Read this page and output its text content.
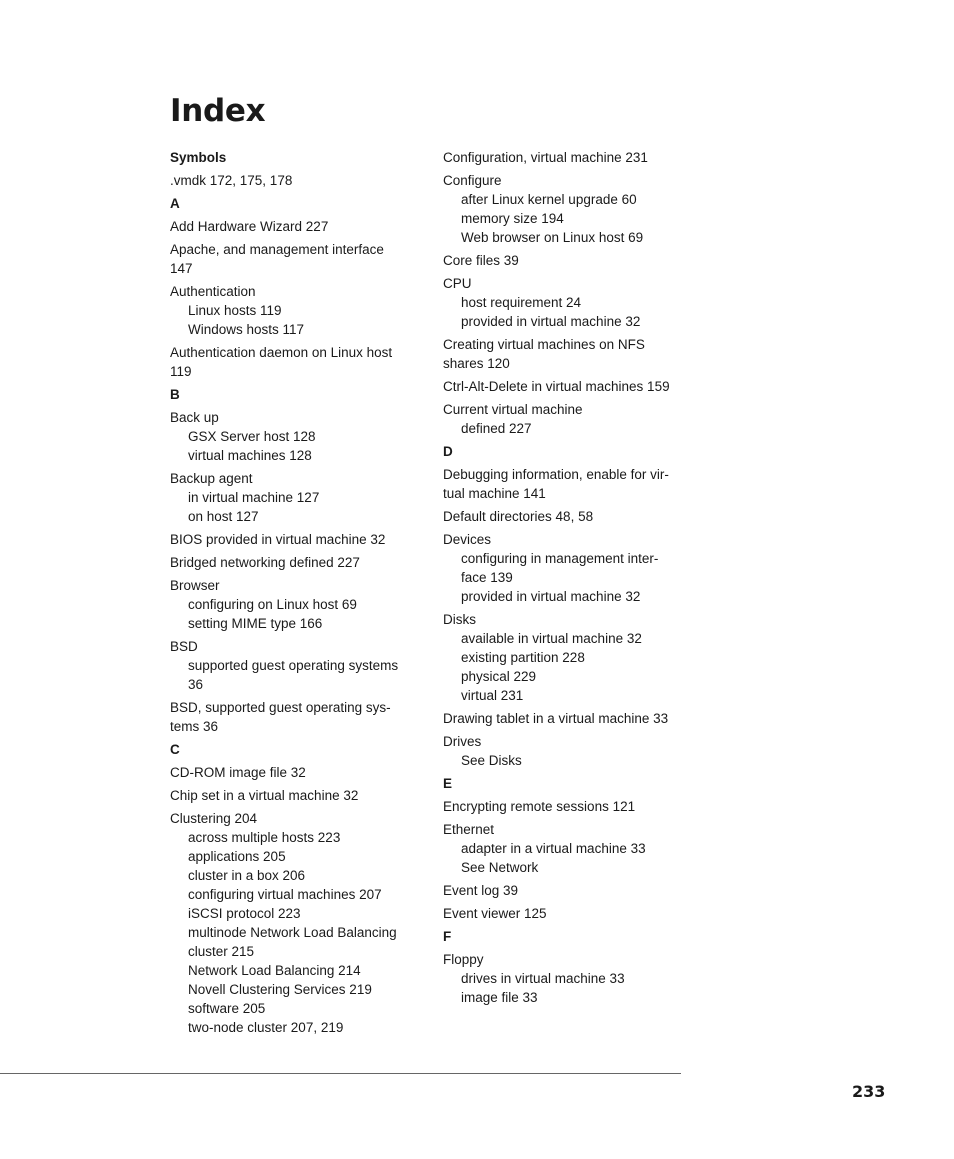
Index
Symbols
.vmdk 172, 175, 178
A
Add Hardware Wizard 227
Apache, and management interface
147
Authentication
Linux hosts 119
Windows hosts 117
Authentication daemon on Linux host
119
B
Back up
GSX Server host 128
virtual machines 128
Backup agent
in virtual machine 127
on host 127
BIOS provided in virtual machine 32
Bridged networking defined 227
Browser
configuring on Linux host 69
setting MIME type 166
BSD
supported guest operating systems
36
BSD, supported guest operating sys-
tems 36
C
CD-ROM image file 32
Chip set in a virtual machine 32
Clustering 204
across multiple hosts 223
applications 205
cluster in a box 206
configuring virtual machines 207
iSCSI protocol 223
multinode Network Load Balancing
cluster 215
Network Load Balancing 214
Novell Clustering Services 219
software 205
two-node cluster 207, 219
Configuration, virtual machine 231
Configure
after Linux kernel upgrade 60
memory size 194
Web browser on Linux host 69
Core files 39
CPU
host requirement 24
provided in virtual machine 32
Creating virtual machines on NFS
shares 120
Ctrl-Alt-Delete in virtual machines 159
Current virtual machine
defined 227
D
Debugging information, enable for vir-
tual machine 141
Default directories 48, 58
Devices
configuring in management inter-
face 139
provided in virtual machine 32
Disks
available in virtual machine 32
existing partition 228
physical 229
virtual 231
Drawing tablet in a virtual machine 33
Drives
See Disks
E
Encrypting remote sessions 121
Ethernet
adapter in a virtual machine 33
See Network
Event log 39
Event viewer 125
F
Floppy
drives in virtual machine 33
image file 33
233
